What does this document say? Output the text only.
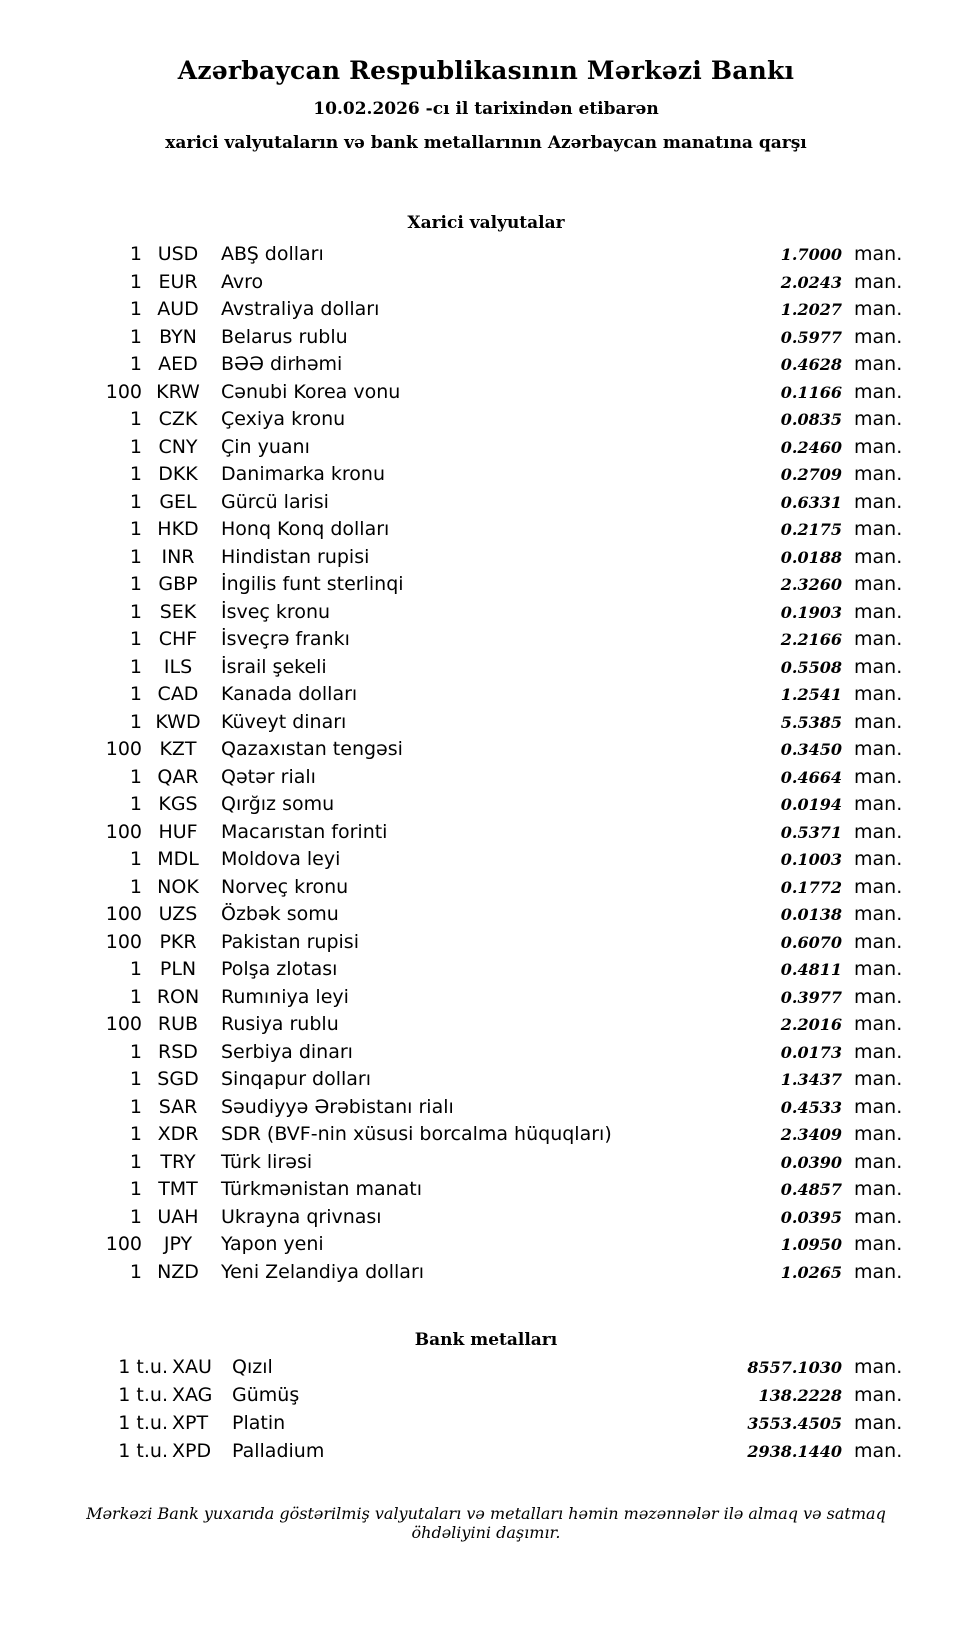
Azərbaycan Respublikasının Mərkəzi Bankı
10.02.2026 -cı il tarixindən etibarən
xarici valyutaların və bank metallarının Azərbaycan manatına qarşı
Xarici valyutalar
1	USD	ABŞ dolları	1.7000	man.
1	EUR	Avro	2.0243	man.
1	AUD	Avstraliya dolları	1.2027	man.
1	BYN	Belarus rublu	0.5977	man.
1	AED	BƏƏ dirhəmi	0.4628	man.
100	KRW	Cənubi Korea vonu	0.1166	man.
1	CZK	Çexiya kronu	0.0835	man.
1	CNY	Çin yuanı	0.2460	man.
1	DKK	Danimarka kronu	0.2709	man.
1	GEL	Gürcü larisi	0.6331	man.
1	HKD	Honq Konq dolları	0.2175	man.
1	INR	Hindistan rupisi	0.0188	man.
1	GBP	İngilis funt sterlinqi	2.3260	man.
1	SEK	İsveç kronu	0.1903	man.
1	CHF	İsveçrə frankı	2.2166	man.
1	ILS	İsrail şekeli	0.5508	man.
1	CAD	Kanada dolları	1.2541	man.
1	KWD	Küveyt dinarı	5.5385	man.
100	KZT	Qazaxıstan tengəsi	0.3450	man.
1	QAR	Qətər rialı	0.4664	man.
1	KGS	Qırğız somu	0.0194	man.
100	HUF	Macarıstan forinti	0.5371	man.
1	MDL	Moldova leyi	0.1003	man.
1	NOK	Norveç kronu	0.1772	man.
100	UZS	Özbək somu	0.0138	man.
100	PKR	Pakistan rupisi	0.6070	man.
1	PLN	Polşa zlotası	0.4811	man.
1	RON	Rumıniya leyi	0.3977	man.
100	RUB	Rusiya rublu	2.2016	man.
1	RSD	Serbiya dinarı	0.0173	man.
1	SGD	Sinqapur dolları	1.3437	man.
1	SAR	Səudiyyə Ərəbistanı rialı	0.4533	man.
1	XDR	SDR (BVF-nin xüsusi borcalma hüquqları)	2.3409	man.
1	TRY	Türk lirəsi	0.0390	man.
1	TMT	Türkmənistan manatı	0.4857	man.
1	UAH	Ukrayna qrivnası	0.0395	man.
100	JPY	Yapon yeni	1.0950	man.
1	NZD	Yeni Zelandiya dolları	1.0265	man.
Bank metalları
1 t.u.	XAU	Qızıl	8557.1030	man.
1 t.u.	XAG	Gümüş	138.2228	man.
1 t.u.	XPT	Platin	3553.4505	man.
1 t.u.	XPD	Palladium	2938.1440	man.
Mərkəzi Bank yuxarıda göstərilmiş valyutaları və metalları həmin məzənnələr ilə almaq və satmaq öhdəliyini daşımır.
